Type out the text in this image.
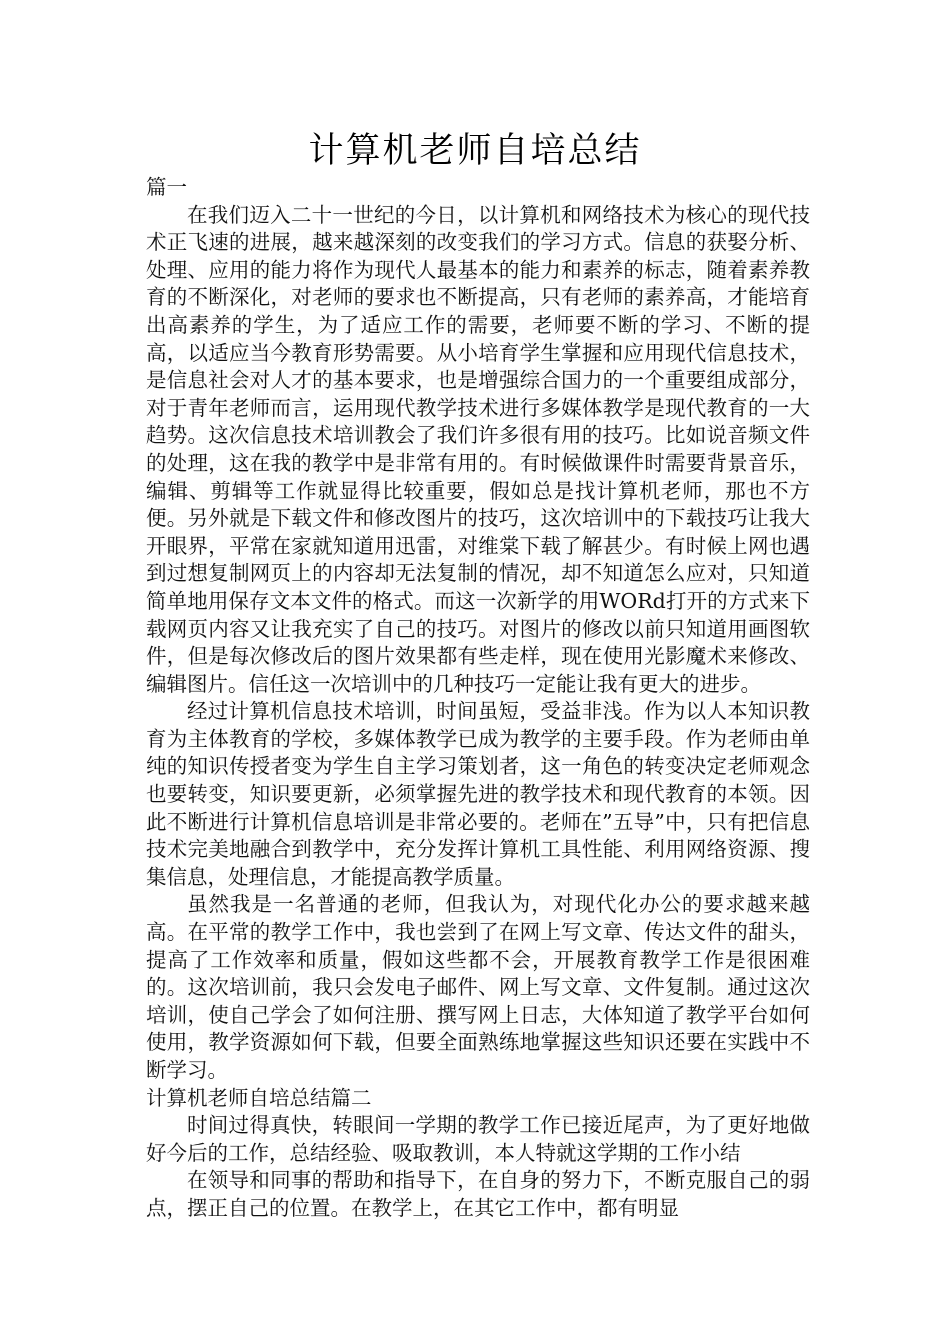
计算机老师自培总结

篇一

在我们迈入二十一世纪的今日，以计算机和网络技术为核心的现代技术正飞速的进展，越来越深刻的改变我们的学习方式。信息的获娶分析、处理、应用的能力将作为现代人最基本的能力和素养的标志，随着素养教育的不断深化，对老师的要求也不断提高，只有老师的素养高，才能培育出高素养的学生，为了适应工作的需要，老师要不断的学习、不断的提高，以适应当今教育形势需要。从小培育学生掌握和应用现代信息技术，是信息社会对人才的基本要求，也是增强综合国力的一个重要组成部分，对于青年老师而言，运用现代教学技术进行多媒体教学是现代教育的一大趋势。这次信息技术培训教会了我们许多很有用的技巧。比如说音频文件的处理，这在我的教学中是非常有用的。有时候做课件时需要背景音乐，编辑、剪辑等工作就显得比较重要，假如总是找计算机老师，那也不方便。另外就是下载文件和修改图片的技巧，这次培训中的下载技巧让我大开眼界，平常在家就知道用迅雷，对维棠下载了解甚少。有时候上网也遇到过想复制网页上的内容却无法复制的情况，却不知道怎么应对，只知道简单地用保存文本文件的格式。而这一次新学的用WORd打开的方式来下载网页内容又让我充实了自己的技巧。对图片的修改以前只知道用画图软件，但是每次修改后的图片效果都有些走样，现在使用光影魔术来修改、编辑图片。信任这一次培训中的几种技巧一定能让我有更大的进步。

经过计算机信息技术培训，时间虽短，受益非浅。作为以人本知识教育为主体教育的学校，多媒体教学已成为教学的主要手段。作为老师由单纯的知识传授者变为学生自主学习策划者，这一角色的转变决定老师观念也要转变，知识要更新，必须掌握先进的教学技术和现代教育的本领。因此不断进行计算机信息培训是非常必要的。老师在”五导”中，只有把信息技术完美地融合到教学中，充分发挥计算机工具性能、利用网络资源、搜集信息，处理信息，才能提高教学质量。

虽然我是一名普通的老师，但我认为，对现代化办公的要求越来越高。在平常的教学工作中，我也尝到了在网上写文章、传达文件的甜头，提高了工作效率和质量，假如这些都不会，开展教育教学工作是很困难的。这次培训前，我只会发电子邮件、网上写文章、文件复制。通过这次培训，使自己学会了如何注册、撰写网上日志，大体知道了教学平台如何使用，教学资源如何下载，但要全面熟练地掌握这些知识还要在实践中不断学习。

计算机老师自培总结篇二

时间过得真快，转眼间一学期的教学工作已接近尾声，为了更好地做好今后的工作，总结经验、吸取教训，本人特就这学期的工作小结

在领导和同事的帮助和指导下，在自身的努力下，不断克服自己的弱点，摆正自己的位置。在教学上，在其它工作中，都有明显
